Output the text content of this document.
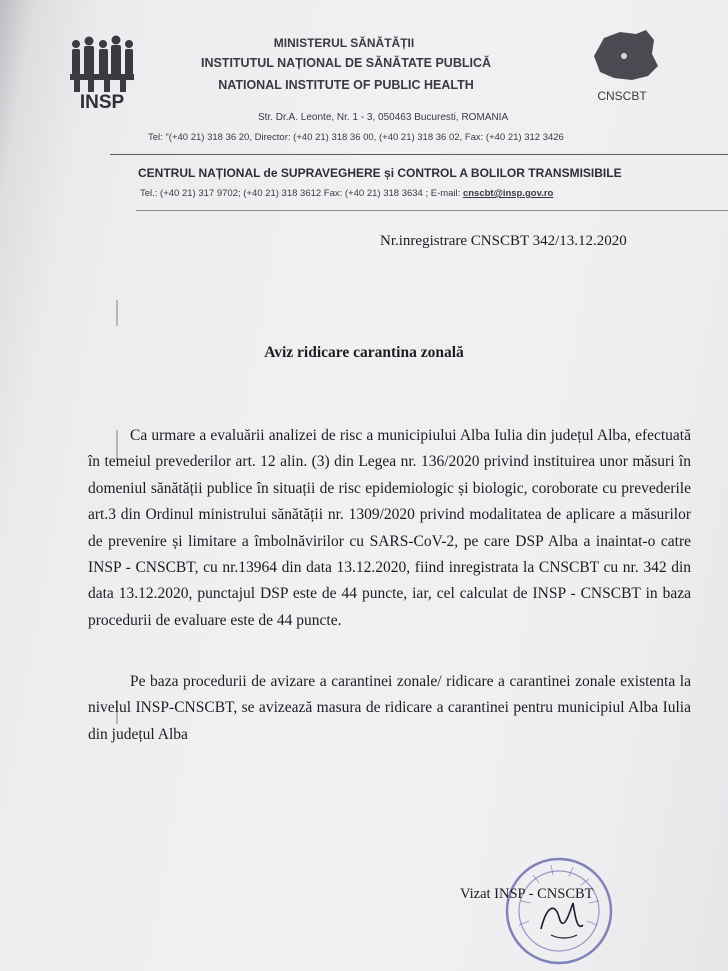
INSP	CNSCBT
MINISTERUL SĂNĂTĂȚII
INSTITUTUL NAȚIONAL DE SĂNĂTATE PUBLICĂ
NATIONAL INSTITUTE OF PUBLIC HEALTH
Str. Dr.A. Leonte, Nr. 1 - 3, 050463 Bucuresti, ROMANIA
Tel: "(+40 21) 318 36 20, Director: (+40 21) 318 36 00, (+40 21) 318 36 02, Fax: (+40 21) 312 3426
CENTRUL NAȚIONAL de SUPRAVEGHERE și CONTROL A BOLILOR TRANSMISIBILE
Tel.: (+40 21) 317 9702; (+40 21) 318 3612 Fax: (+40 21) 318 3634 ; E-mail: cnscbt@insp.gov.ro
Nr.inregistrare CNSCBT 342/13.12.2020
Aviz ridicare carantina zonală
Ca urmare a evaluării analizei de risc a municipiului Alba Iulia din județul Alba, efectuată în temeiul prevederilor art. 12 alin. (3) din Legea nr. 136/2020 privind instituirea unor măsuri în domeniul sănătății publice în situații de risc epidemiologic și biologic, coroborate cu prevederile art.3 din Ordinul ministrului sănătății nr. 1309/2020 privind modalitatea de aplicare a măsurilor de prevenire și limitare a îmbolnăvirilor cu SARS-CoV-2, pe care DSP Alba a inaintat-o catre INSP - CNSCBT, cu nr.13964 din data 13.12.2020, fiind inregistrata la CNSCBT cu nr. 342 din data 13.12.2020, punctajul DSP este de 44 puncte, iar, cel calculat de INSP - CNSCBT in baza procedurii de evaluare este de 44 puncte.
Pe baza procedurii de avizare a carantinei zonale/ ridicare a carantinei zonale existenta la nivelul INSP-CNSCBT, se avizează masura de ridicare a carantinei pentru municipiul Alba Iulia din județul Alba
Vizat INSP - CNSCBT
